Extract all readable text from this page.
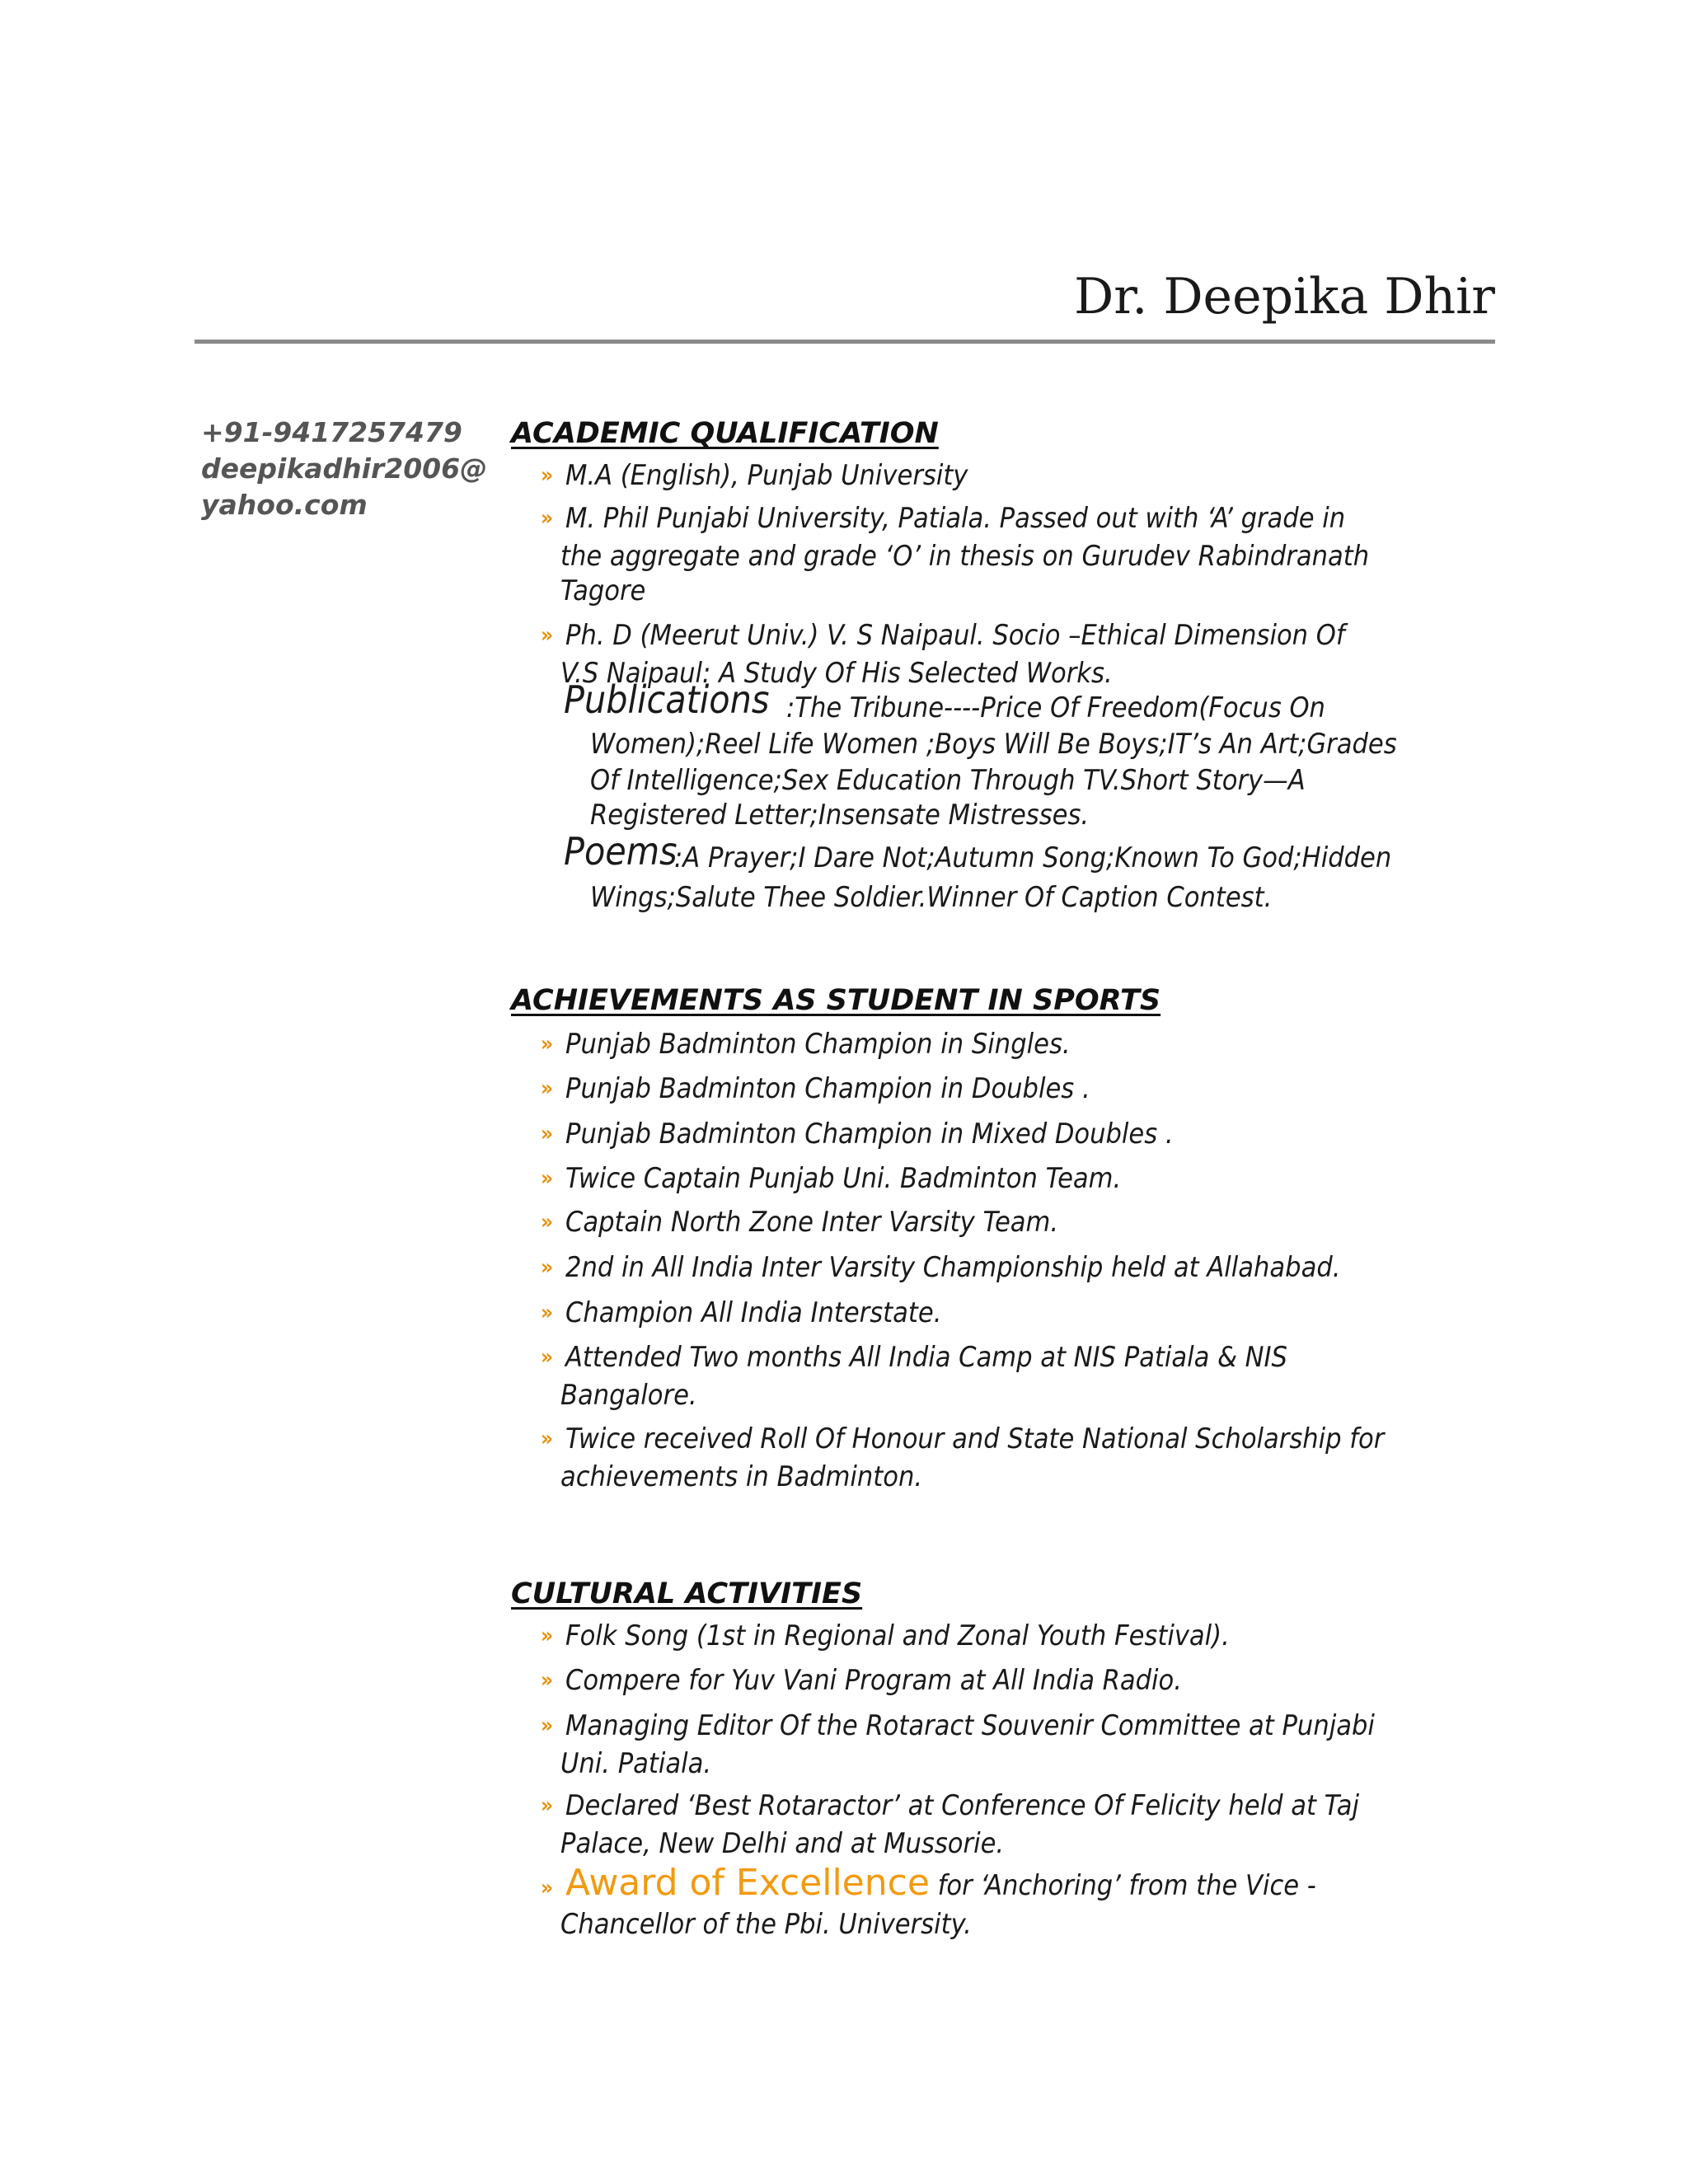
Dr. Deepika Dhir
+91-9417257479
deepikadhir2006@
yahoo.com
ACADEMIC QUALIFICATION
» M.A (English), Punjab University
» M. Phil Punjabi University, Patiala. Passed out with ‘A’ grade in
the aggregate and grade ‘O’ in thesis on Gurudev Rabindranath
Tagore
» Ph. D (Meerut Univ.) V. S Naipaul. Socio –Ethical Dimension Of
V.S Naipaul: A Study Of His Selected Works.
Publications :The Tribune----Price Of Freedom(Focus On
Women);Reel Life Women ;Boys Will Be Boys;IT’s An Art;Grades
Of Intelligence;Sex Education Through TV.Short Story—A
Registered Letter;Insensate Mistresses.
Poems
:A Prayer;I Dare Not;Autumn Song;Known To God;Hidden
Wings;Salute Thee Soldier.Winner Of Caption Contest.
ACHIEVEMENTS AS STUDENT IN SPORTS
» Punjab Badminton Champion in Singles.
» Punjab Badminton Champion in Doubles .
» Punjab Badminton Champion in Mixed Doubles .
» Twice Captain Punjab Uni. Badminton Team.
» Captain North Zone Inter Varsity Team.
» 2nd in All India Inter Varsity Championship held at Allahabad.
» Champion All India Interstate.
» Attended Two months All India Camp at NIS Patiala & NIS
Bangalore.
» Twice received Roll Of Honour and State National Scholarship for
achievements in Badminton.
CULTURAL ACTIVITIES
» Folk Song (1st in Regional and Zonal Youth Festival).
» Compere for Yuv Vani Program at All India Radio.
» Managing Editor Of the Rotaract Souvenir Committee at Punjabi
Uni. Patiala.
» Declared ‘Best Rotaractor’ at Conference Of Felicity held at Taj
Palace, New Delhi and at Mussorie.
» Award of Excellence for ‘Anchoring’ from the Vice -
Chancellor of the Pbi. University.
